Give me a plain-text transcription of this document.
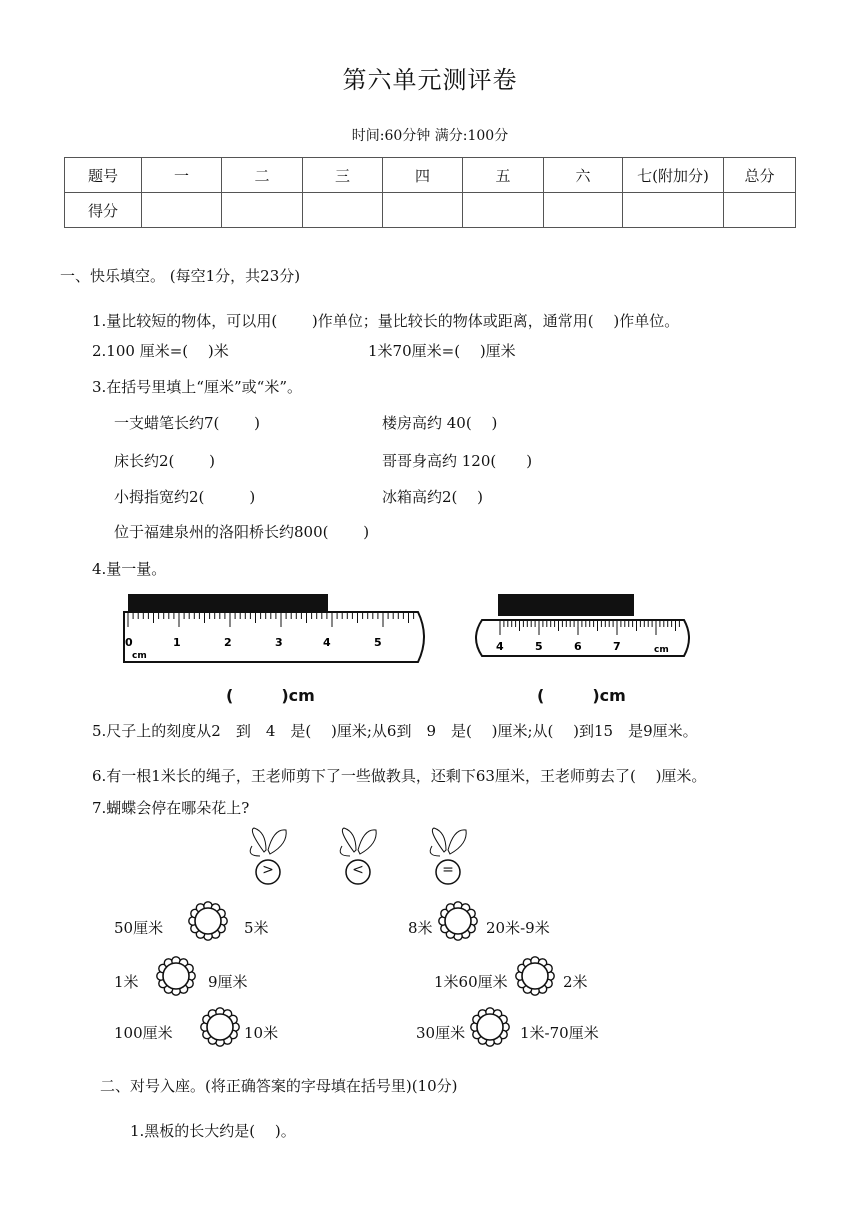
第六单元测评卷
时间:60分钟 满分:100分
题号	一	二	三	四	五	六	七(附加分)	总分
得分								
一、快乐填空。 (每空1分，共23分)
1.量比较短的物体，可以用(　　 )作单位；量比较长的物体或距离，通常用(　 )作单位。
2.100 厘米=(　 )米	1米70厘米=(　 )厘米
3.在括号里填上“厘米”或“米”。
一支蜡笔长约7(　　 )	楼房高约 40(　 )
床长约2(　　 )	哥哥身高约 120(　　)
小拇指宽约2(　　　)	冰箱高约2(　 )
位于福建泉州的洛阳桥长约800(　　 )
4.量一量。
0	1	2	3	4	5
cm
(　　　)cm
4	5	6	7	cm
(　　　)cm
5.尺子上的刻度从2　到　4　是(　 )厘米;从6到　9　是(　 )厘米;从(　 )到15　是9厘米。
6.有一根1米长的绳子，王老师剪下了一些做教具，还剩下63厘米，王老师剪去了(　 )厘米。
7.蝴蝶会停在哪朵花上?
>	<	=
50厘米	5米	8米	20米-9米
1米	9厘米	1米60厘米	2米
100厘米	10米	30厘米	1米-70厘米
二、对号入座。(将正确答案的字母填在括号里)(10分)
1.黑板的长大约是(　 )。
